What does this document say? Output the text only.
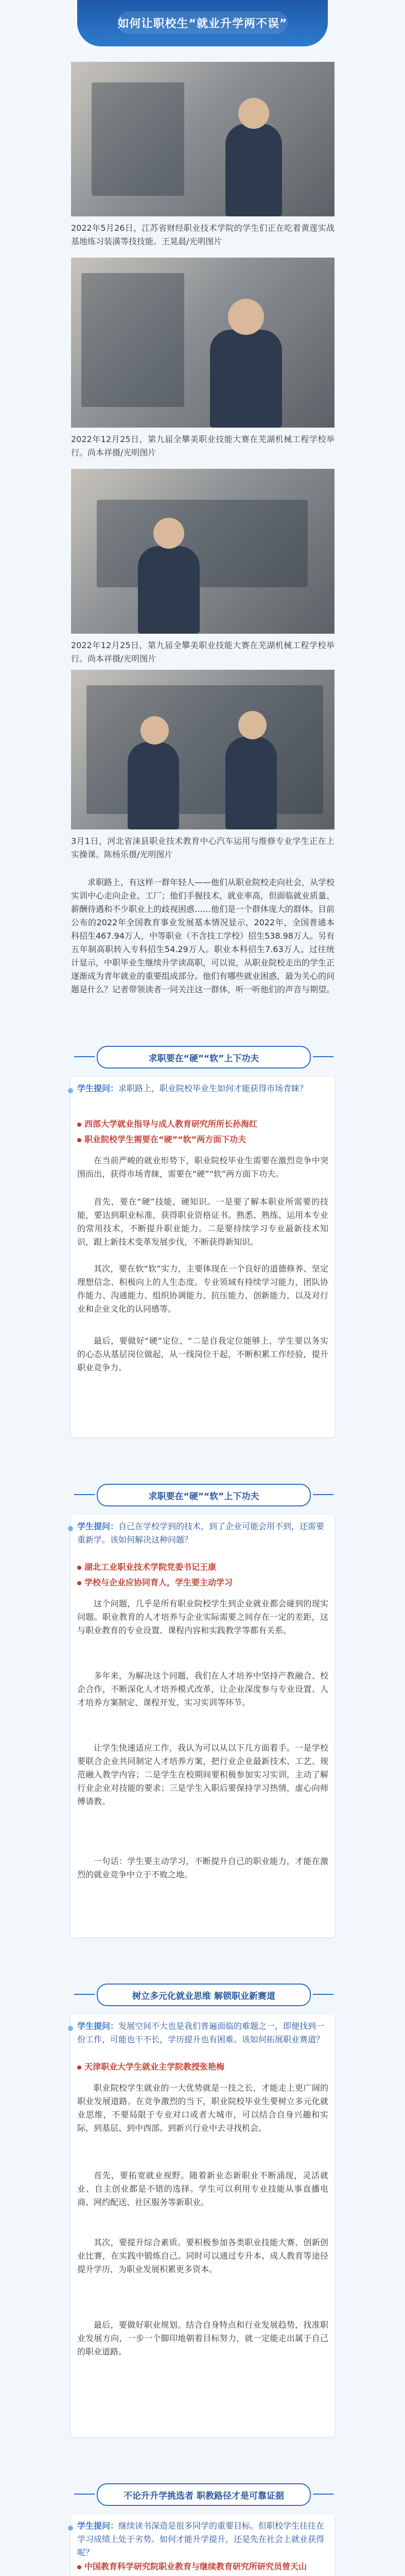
如何让职校生“就业升学两不误”
2022年5月26日，江苏省财经职业技术学院的学生们正在吃着黄莲实战基地练习装潢等技技能。王晃晨/光明图片
2022年12月25日，第九届全攀美职业技能大赛在芜湖机械工程学校举行。尚本祥摄/光明图片
2022年12月25日，第九届全攀美职业技能大赛在芜湖机械工程学校举行。尚本祥摄/光明图片
3月1日，河北省涞县职业技术教育中心汽车运用与维修专业学生正在上实操课。陈杨乐摄/光明图片
求职路上，有这样一群年轻人——他们从职业院校走向社会，从学校实训中心走向企业、工厂；他们手握技术，就业率高，但面临就业质量、薪酬待遇和不少职业上的歧视困惑……他们是一个群体庞大的群体。目前公布的2022年全国教育事业发展基本情况显示，2022年，全国普通本科招生467.94万人，中等职业（不含技工学校）招生538.98万人。另有五年制高职转入专科招生54.29万人。职业本科招生7.63万人。过往统计显示，中职毕业生继续升学读高职，可以说，从职业院校走出的学生正逐渐成为青年就业的重要组成部分。他们有哪些就业困惑，最为关心的问题是什么？记者带领读者一同关注这一群体，听一听他们的声音与期望。
求职要在“硬”“软”上下功夫
学生提问：求职路上，职业院校毕业生如何才能获得市场青睐？
西部大学就业指导与成人教育研究所所长孙海红
职业院校学生需要在“硬”“软”两方面下功夫
在当前严峻的就业形势下，职业院校毕业生需要在激烈竞争中突围而出，获得市场青睐，需要在“硬”“软”两方面下功夫。
首先，要在“硬”技能，硬知识。一是要了解本职业所需要的技能，要达到职业标准，获得职业资格证书。熟悉、熟练、运用本专业的常用技术，不断提升职业能力。二是要持续学习专业最新技术知识，跟上新技术变革发展步伐，不断获得新知识。
其次，要在软“软”实力，主要体现在一个良好的道德修养、坚定理想信念、积极向上的人生态度。专业领域有持续学习能力，团队协作能力、沟通能力、组织协调能力、抗压能力、创新能力，以及对行业和企业文化的认同感等。
最后，要做好“硬”定位、“二是自我定位能够上，学生要以务实的心态从基层岗位做起，从一线岗位干起，不断积累工作经验，提升职业竞争力。
求职要在“硬”“软”上下功夫
学生提问：自己在学校学到的技术，到了企业可能会用不到，还需要重新学。该如何解决这种问题？
湖北工业职业技术学院党委书记王康
学校与企业应协同育人，学生要主动学习
这个问题，几乎是所有职业院校学生到企业就业都会碰到的现实问题。职业教育的人才培养与企业实际需要之间存在一定的差距，这与职业教育的专业设置、课程内容和实践教学等都有关系。
多年来，为解决这个问题，我们在人才培养中坚持产教融合、校企合作，不断深化人才培养模式改革，让企业深度参与专业设置、人才培养方案制定、课程开发、实习实训等环节。
让学生快速适应工作，我认为可以从以下几方面着手。一是学校要联合企业共同制定人才培养方案，把行业企业最新技术、工艺、规范融入教学内容；二是学生在校期间要积极参加实习实训，主动了解行业企业对技能的要求；三是学生入职后要保持学习热情，虚心向师傅请教。
一句话：学生要主动学习，不断提升自己的职业能力，才能在激烈的就业竞争中立于不败之地。
树立多元化就业思维 解锁职业新赛道
学生提问：发展空间不大也是我们普遍面临的难题之一，即便找到一份工作，可能也干不长，学历提升也有困难。该如何拓展职业赛道？
天津职业大学生就业主学院教授张艳梅
职业院校学生就业的一大优势就是一技之长，才能走上更广阔的职业发展道路。在竞争激烈的当下，职业院校毕业生要树立多元化就业思维，不要局限于专业对口或者大城市，可以结合自身兴趣和实际，到基层、到中西部、到新兴行业中去寻找机会。
首先，要拓宽就业视野。随着新业态新职业不断涌现，灵活就业、自主创业都是不错的选择。学生可以利用专业技能从事直播电商、网约配送、社区服务等新职业。
其次，要提升综合素质。要积极参加各类职业技能大赛、创新创业比赛，在实践中锻炼自己。同时可以通过专升本、成人教育等途径提升学历，为职业发展积累更多资本。
最后，要做好职业规划。结合自身特点和行业发展趋势，找准职业发展方向，一步一个脚印地朝着目标努力，就一定能走出属于自己的职业道路。
不论升升学挑选者 职教路径才是可靠证据
学生提问：继续读书深造是很多同学的重要目标。但职校学生往往在学习成绩上处于劣势。如何才能升学提升，还是先在社会上就业获得呢？
中国教育科学研究院职业教育与继续教育研究所研究员曾天山
